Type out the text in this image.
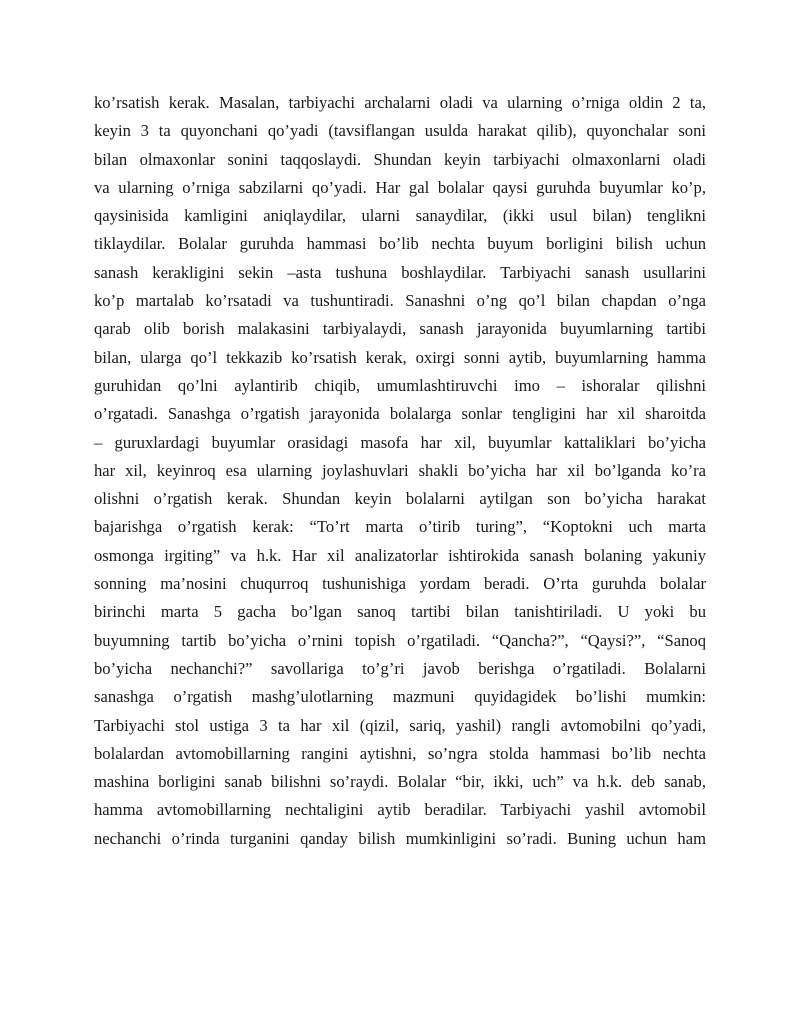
ko’rsatish kerak. Masalan, tarbiyachi archalarni oladi va ularning o’rniga oldin 2 ta,
keyin 3 ta quyonchani qo’yadi (tavsiflangan usulda harakat qilib), quyonchalar soni
bilan olmaxonlar sonini taqqoslaydi. Shundan keyin tarbiyachi olmaxonlarni oladi
va ularning o’rniga sabzilarni qo’yadi. Har gal bolalar qaysi guruhda buyumlar ko’p,
qaysinisida kamligini aniqlaydilar, ularni sanaydilar, (ikki usul bilan) tenglikni
tiklaydilar. Bolalar guruhda hammasi bo’lib nechta buyum borligini bilish uchun
sanash kerakligini sekin –asta tushuna boshlaydilar. Tarbiyachi sanash usullarini
ko’p martalab ko’rsatadi va tushuntiradi. Sanashni o’ng qo’l bilan chapdan o’nga
qarab olib borish malakasini tarbiyalaydi, sanash jarayonida buyumlarning tartibi
bilan, ularga qo’l tekkazib ko’rsatish kerak, oxirgi sonni aytib, buyumlarning hamma
guruhidan qo’lni aylantirib chiqib, umumlashtiruvchi imo – ishoralar qilishni
o’rgatadi. Sanashga o’rgatish jarayonida bolalarga sonlar tengligini har xil sharoitda
– guruxlardagi buyumlar orasidagi masofa har xil, buyumlar kattaliklari bo’yicha
har xil, keyinroq esa ularning joylashuvlari shakli bo’yicha har xil bo’lganda ko’ra
olishni o’rgatish kerak. Shundan keyin bolalarni aytilgan son bo’yicha harakat
bajarishga o’rgatish kerak: “To’rt marta o’tirib turing”, “Koptokni uch marta
osmonga irgiting” va h.k. Har xil analizatorlar ishtirokida sanash bolaning yakuniy
sonning ma’nosini chuqurroq tushunishiga yordam beradi. O’rta guruhda bolalar
birinchi marta 5 gacha bo’lgan sanoq tartibi bilan tanishtiriladi. U yoki bu
buyumning tartib bo’yicha o’rnini topish o’rgatiladi. “Qancha?”, “Qaysi?”, “Sanoq
bo’yicha nechanchi?” savollariga to’g’ri javob berishga o’rgatiladi. Bolalarni
sanashga o’rgatish mashg’ulotlarning mazmuni quyidagidek bo’lishi mumkin:
Tarbiyachi stol ustiga 3 ta har xil (qizil, sariq, yashil) rangli avtomobilni qo’yadi,
bolalardan avtomobillarning rangini aytishni, so’ngra stolda hammasi bo’lib nechta
mashina borligini sanab bilishni so’raydi. Bolalar “bir, ikki, uch” va h.k. deb sanab,
hamma avtomobillarning nechtaligini aytib beradilar. Tarbiyachi yashil avtomobil
nechanchi o’rinda turganini qanday bilish mumkinligini so’radi. Buning uchun ham
